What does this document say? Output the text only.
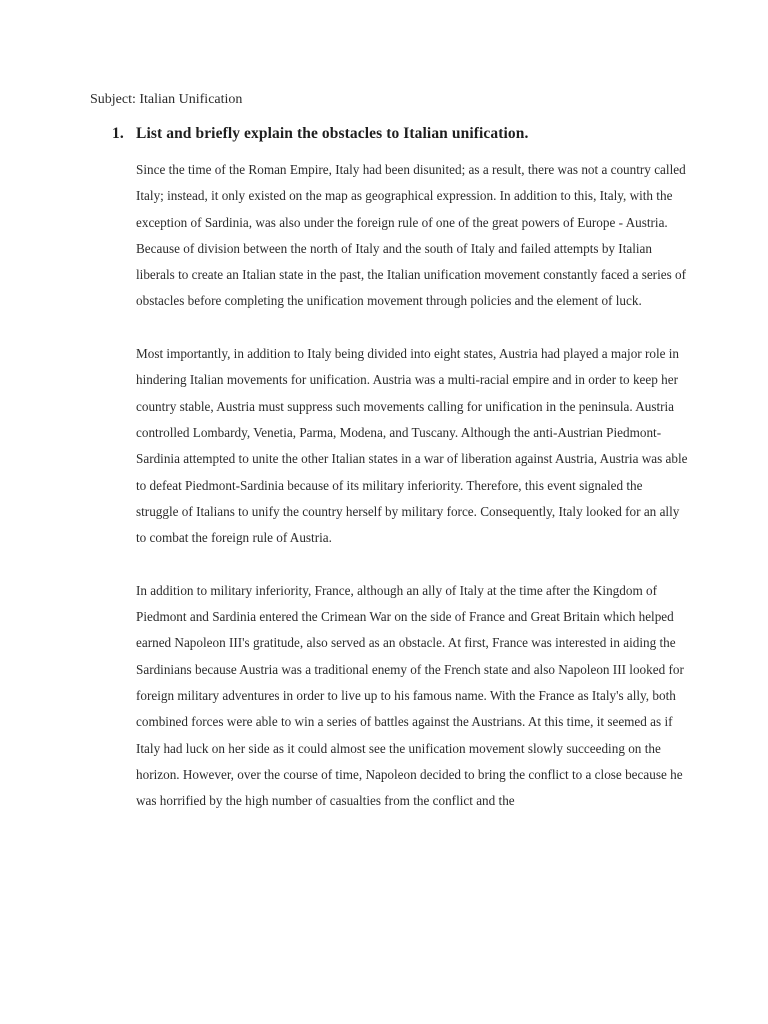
Subject: Italian Unification
1. List and briefly explain the obstacles to Italian unification.

Since the time of the Roman Empire, Italy had been disunited; as a result, there was not a country called Italy; instead, it only existed on the map as geographical expression. In addition to this, Italy, with the exception of Sardinia, was also under the foreign rule of one of the great powers of Europe - Austria. Because of division between the north of Italy and the south of Italy and failed attempts by Italian liberals to create an Italian state in the past, the Italian unification movement constantly faced a series of obstacles before completing the unification movement through policies and the element of luck.

Most importantly, in addition to Italy being divided into eight states, Austria had played a major role in hindering Italian movements for unification. Austria was a multi-racial empire and in order to keep her country stable, Austria must suppress such movements calling for unification in the peninsula. Austria controlled Lombardy, Venetia, Parma, Modena, and Tuscany. Although the anti-Austrian Piedmont-Sardinia attempted to unite the other Italian states in a war of liberation against Austria, Austria was able to defeat Piedmont-Sardinia because of its military inferiority. Therefore, this event signaled the struggle of Italians to unify the country herself by military force. Consequently, Italy looked for an ally to combat the foreign rule of Austria.

In addition to military inferiority, France, although an ally of Italy at the time after the Kingdom of Piedmont and Sardinia entered the Crimean War on the side of France and Great Britain which helped earned Napoleon III's gratitude, also served as an obstacle. At first, France was interested in aiding the Sardinians because Austria was a traditional enemy of the French state and also Napoleon III looked for foreign military adventures in order to live up to his famous name. With the France as Italy's ally, both combined forces were able to win a series of battles against the Austrians. At this time, it seemed as if Italy had luck on her side as it could almost see the unification movement slowly succeeding on the horizon. However, over the course of time, Napoleon decided to bring the conflict to a close because he was horrified by the high number of casualties from the conflict and the
